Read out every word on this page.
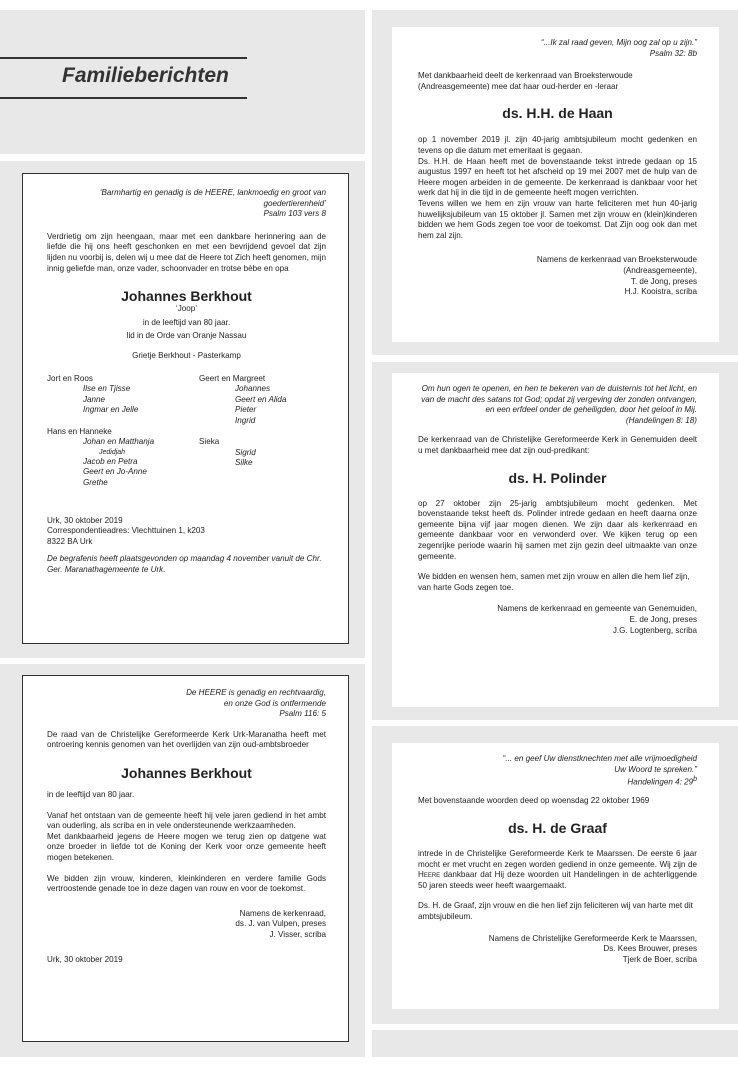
Familieberichten

‘Barmhartig en genadig is de HEERE, lankmoedig en groot van goedertierenheid’

Psalm 103 vers 8

Verdrietig om zijn heengaan, maar met een dankbare herinnering aan de liefde die hij ons heeft geschonken en met een bevrijdend gevoel dat zijn lijden nu voorbij is, delen wij u mee dat de Heere tot Zich heeft genomen, mijn innig geliefde man, onze vader, schoonvader en trotse bèbe en opa

Johannes Berkhout

‘Joop’

in de leeftijd van 80 jaar.

lid in de Orde van Oranje Nassau

Grietje Berkhout - Pasterkamp

Jort en Roos

Ilse en Tjisse

Janne

Ingmar en Jelle

Hans en Hanneke

Johan en Matthanja

Jedidjah

Jacob en Petra

Geert en Jo-Anne

Grethe

Geert en Margreet

Johannes

Geert en Alida

Pieter

Ingrid

Sieka

Sigrid

Silke

Urk, 30 oktober 2019

Correspondentieadres: Vlechttuinen 1, k203

8322 BA Urk

De begrafenis heeft plaatsgevonden op maandag 4 november vanuit de Chr. Ger. Maranathagemeente te Urk.

De HEERE is genadig en rechtvaardig,

en onze God is ontfermende

Psalm 116: 5

De raad van de Christelijke Gereformeerde Kerk Urk-Maranatha heeft met ontroering kennis genomen van het overlijden van zijn oud-ambtsbroeder

Johannes Berkhout

in de leeftijd van 80 jaar.

Vanaf het ontstaan van de gemeente heeft hij vele jaren gediend in het ambt van ouderling, als scriba en in vele ondersteunende werkzaamheden.

Met dankbaarheid jegens de Heere mogen we terug zien op datgene wat onze broeder in liefde tot de Koning der Kerk voor onze gemeente heeft mogen betekenen.

We bidden zijn vrouw, kinderen, kleinkinderen en verdere familie Gods vertroostende genade toe in deze dagen van rouw en voor de toekomst.

Namens de kerkenraad,

ds. J. van Vulpen, preses

J. Visser, scriba

Urk, 30 oktober 2019

“...Ik zal raad geven, Mijn oog zal op u zijn.”

Psalm 32: 8b

Met dankbaarheid deelt de kerkenraad van Broeksterwoude (Andreasgemeente) mee dat haar oud-herder en -leraar

ds. H.H. de Haan

op 1 november 2019 jl. zijn 40-jarig ambtsjubileum mocht gedenken en tevens op die datum met emeritaat is gegaan.

Ds. H.H. de Haan heeft met de bovenstaande tekst intrede gedaan op 15 augustus 1997 en heeft tot het afscheid op 19 mei 2007 met de hulp van de Heere mogen arbeiden in de gemeente. De kerkenraad is dankbaar voor het werk dat hij in die tijd in de gemeente heeft mogen verrichten.

Tevens willen we hem en zijn vrouw van harte feliciteren met hun 40-jarig huwelijksjubileum van 15 oktober jl. Samen met zijn vrouw en (klein)kinderen bidden we hem Gods zegen toe voor de toekomst. Dat Zijn oog ook dan met hem zal zijn.

Namens de kerkenraad van Broeksterwoude

(Andreasgemeente),

T. de Jong, preses

H.J. Kooistra, scriba

Om hun ogen te openen, en hen te bekeren van de duisternis tot het licht, en van de macht des satans tot God; opdat zij vergeving der zonden ontvangen, en een erfdeel onder de geheiligden, door het geloof in Mij.

(Handelingen 8: 18)

De kerkenraad van de Christelijke Gereformeerde Kerk in Genemuiden deelt u met dankbaarheid mee dat zijn oud-predikant:

ds. H. Polinder

op 27 oktober zijn 25-jarig ambtsjubileum mocht gedenken. Met bovenstaande tekst heeft ds. Polinder intrede gedaan en heeft daarna onze gemeente bijna vijf jaar mogen dienen. We zijn daar als kerkenraad en gemeente dankbaar voor en verwonderd over. We kijken terug op een zegenrijke periode waarin hij samen met zijn gezin deel uitmaakte van onze gemeente.

We bidden en wensen hem, samen met zijn vrouw en allen die hem lief zijn, van harte Gods zegen toe.

Namens de kerkenraad en gemeente van Genemuiden,

E. de Jong, preses

J.G. Logtenberg, scriba

“... en geef Uw dienstknechten met alle vrijmoedigheid

Uw Woord te spreken.”

Handelingen 4: 29$^b$

Met bovenstaande woorden deed op woensdag 22 oktober 1969

ds. H. de Graaf

intrede in de Christelijke Gereformeerde Kerk te Maarssen. De eerste 6 jaar mocht er met vrucht en zegen worden gediend in onze gemeente. Wij zijn de Heere dankbaar dat Hij deze woorden uit Handelingen in de achterliggende 50 jaren steeds weer heeft waargemaakt.

Ds. H. de Graaf, zijn vrouw en die hen lief zijn feliciteren wij van harte met dit ambtsjubileum.

Namens de Christelijke Gereformeerde Kerk te Maarssen,

Ds. Kees Brouwer, preses

Tjerk de Boer, scriba
